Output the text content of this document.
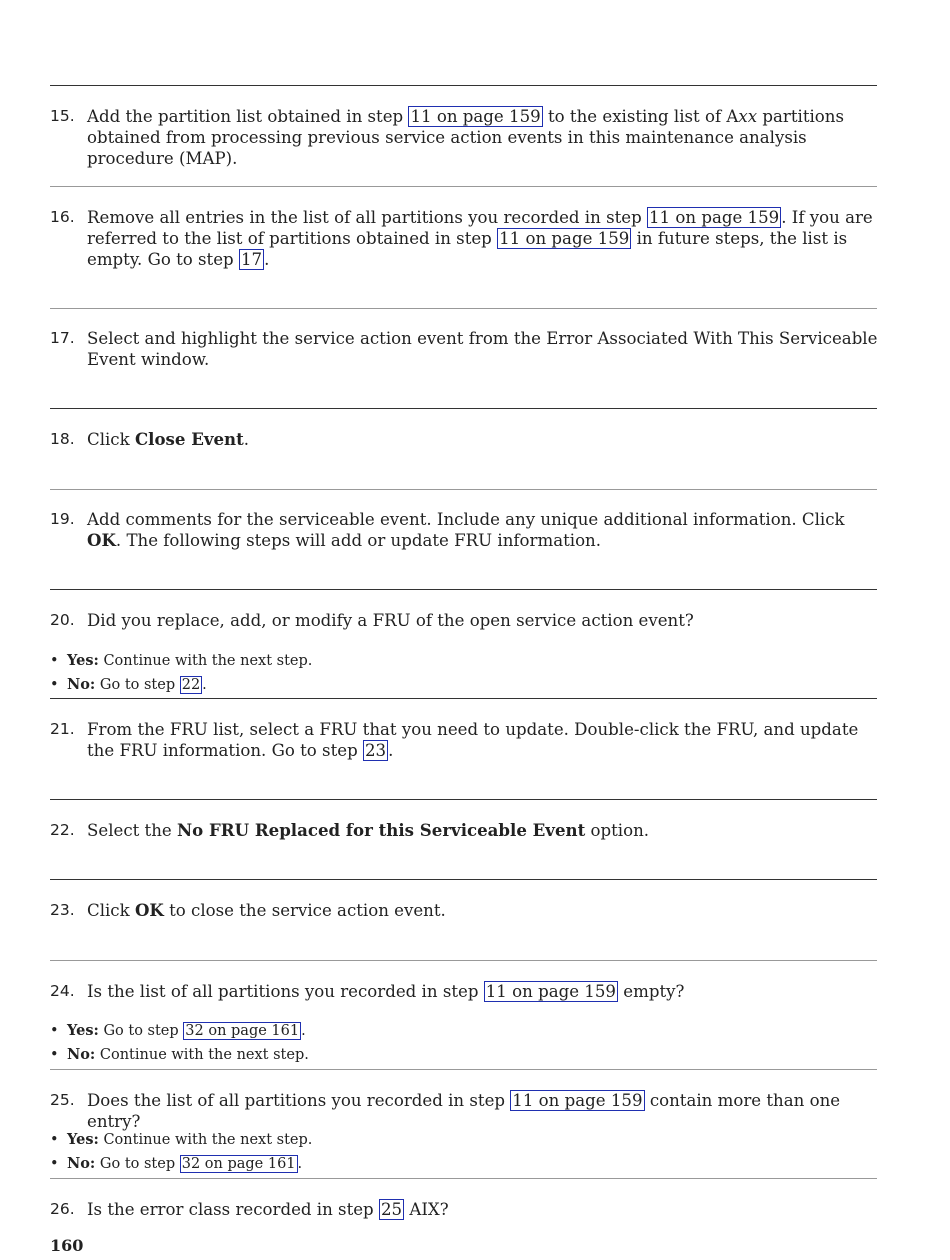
15. Add the partition list obtained in step 11 on page 159 to the existing list of Axx partitions obtained from processing previous service action events in this maintenance analysis procedure (MAP).
16. Remove all entries in the list of all partitions you recorded in step 11 on page 159 . If you are referred to the list of partitions obtained in step 11 on page 159 in future steps, the list is empty. Go to step 17 .
17. Select and highlight the service action event from the Error Associated With This Serviceable Event window.
18. Click Close Event.
19. Add comments for the serviceable event. Include any unique additional information. Click OK. The following steps will add or update FRU information.
20. Did you replace, add, or modify a FRU of the open service action event?
• Yes: Continue with the next step.
• No: Go to step 22 .
21. From the FRU list, select a FRU that you need to update. Double-click the FRU, and update the FRU information. Go to step 23 .
22. Select the No FRU Replaced for this Serviceable Event option.
23. Click OK to close the service action event.
24. Is the list of all partitions you recorded in step 11 on page 159 empty?
• Yes: Go to step 32 on page 161 .
• No: Continue with the next step.
25. Does the list of all partitions you recorded in step 11 on page 159 contain more than one entry?
• Yes: Continue with the next step.
• No: Go to step 32 on page 161 .
26. Is the error class recorded in step 25 AIX?
160
